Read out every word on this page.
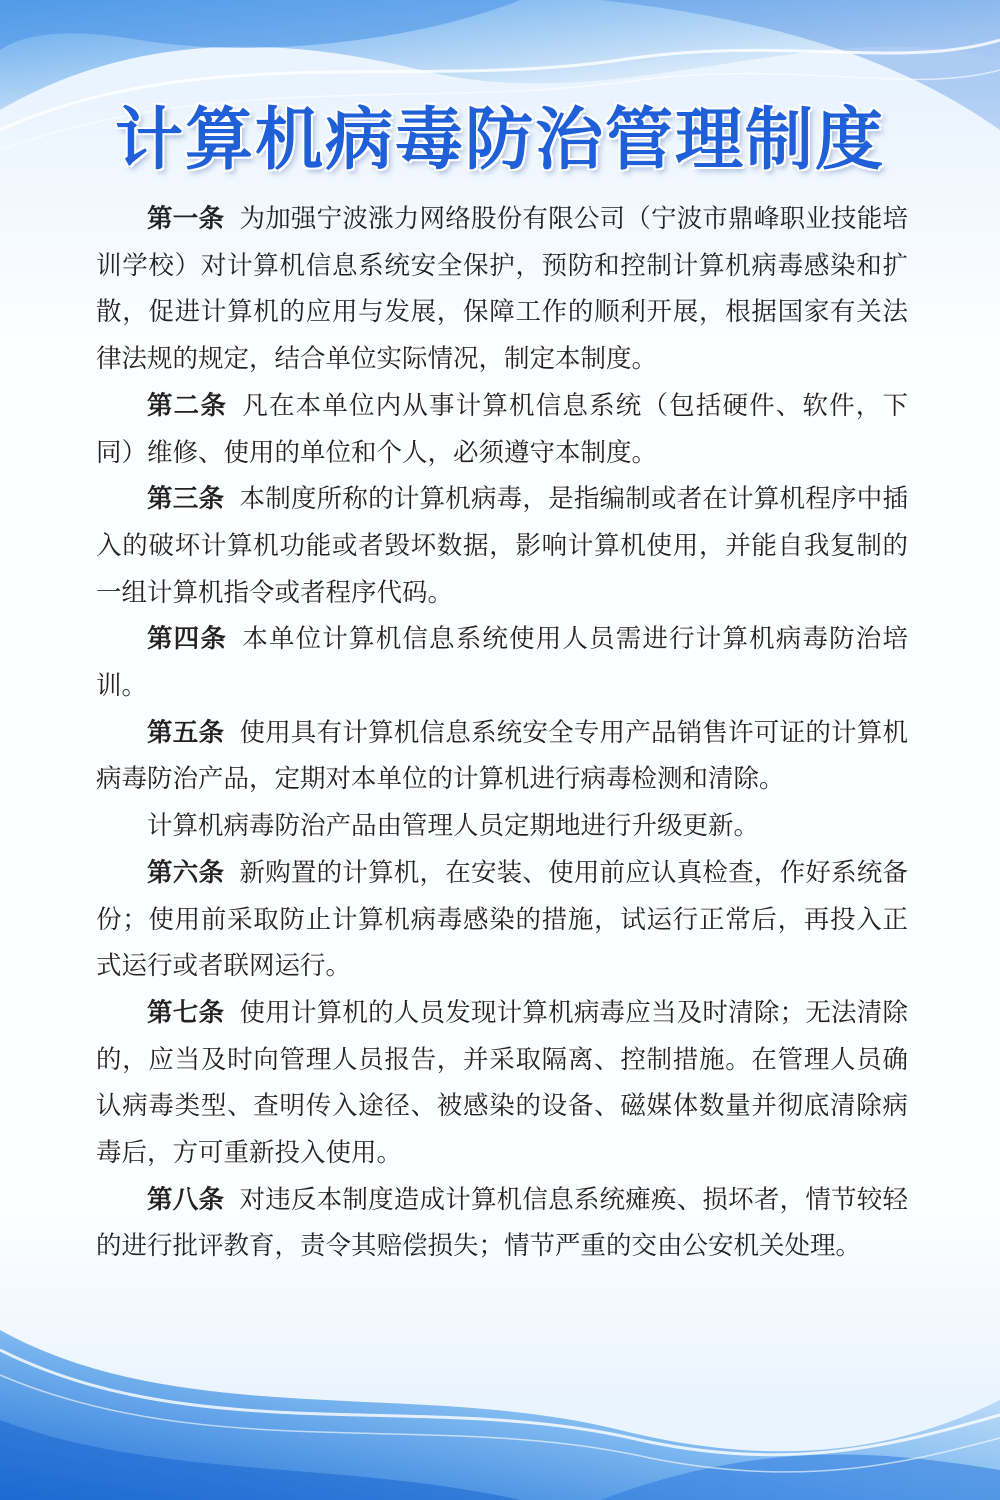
计算机病毒防治管理制度

第一条 为加强宁波涨力网络股份有限公司（宁波市鼎峰职业技能培训学校）对计算机信息系统安全保护，预防和控制计算机病毒感染和扩散，促进计算机的应用与发展，保障工作的顺利开展，根据国家有关法律法规的规定，结合单位实际情况，制定本制度。

第二条 凡在本单位内从事计算机信息系统（包括硬件、软件，下同）维修、使用的单位和个人，必须遵守本制度。

第三条 本制度所称的计算机病毒，是指编制或者在计算机程序中插入的破坏计算机功能或者毁坏数据，影响计算机使用，并能自我复制的一组计算机指令或者程序代码。

第四条 本单位计算机信息系统使用人员需进行计算机病毒防治培训。

第五条 使用具有计算机信息系统安全专用产品销售许可证的计算机病毒防治产品，定期对本单位的计算机进行病毒检测和清除。

计算机病毒防治产品由管理人员定期地进行升级更新。

第六条 新购置的计算机，在安装、使用前应认真检查，作好系统备份；使用前采取防止计算机病毒感染的措施，试运行正常后，再投入正式运行或者联网运行。

第七条 使用计算机的人员发现计算机病毒应当及时清除；无法清除的，应当及时向管理人员报告，并采取隔离、控制措施。在管理人员确认病毒类型、查明传入途径、被感染的设备、磁媒体数量并彻底清除病毒后，方可重新投入使用。

第八条 对违反本制度造成计算机信息系统瘫痪、损坏者，情节较轻的进行批评教育，责令其赔偿损失；情节严重的交由公安机关处理。
